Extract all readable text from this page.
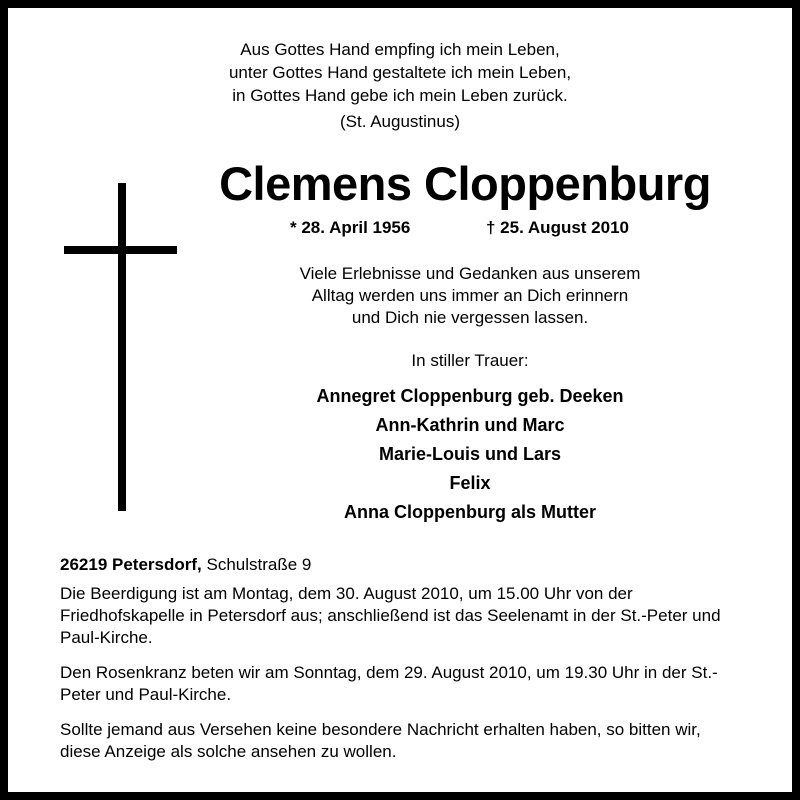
Aus Gottes Hand empfing ich mein Leben,
unter Gottes Hand gestaltete ich mein Leben,
in Gottes Hand gebe ich mein Leben zurück.
(St. Augustinus)
Clemens Cloppenburg
* 28. April 1956	† 25. August 2010
Viele Erlebnisse und Gedanken aus unserem
Alltag werden uns immer an Dich erinnern
und Dich nie vergessen lassen.
In stiller Trauer:
Annegret Cloppenburg geb. Deeken
Ann-Kathrin und Marc
Marie-Louis und Lars
Felix
Anna Cloppenburg als Mutter
26219 Petersdorf, Schulstraße 9
Die Beerdigung ist am Montag, dem 30. August 2010, um 15.00 Uhr von der Friedhofskapelle in Petersdorf aus; anschließend ist das Seelenamt in der St.-Peter und Paul-Kirche.
Den Rosenkranz beten wir am Sonntag, dem 29. August 2010, um 19.30 Uhr in der St.-Peter und Paul-Kirche.
Sollte jemand aus Versehen keine besondere Nachricht erhalten haben, so bitten wir, diese Anzeige als solche ansehen zu wollen.
